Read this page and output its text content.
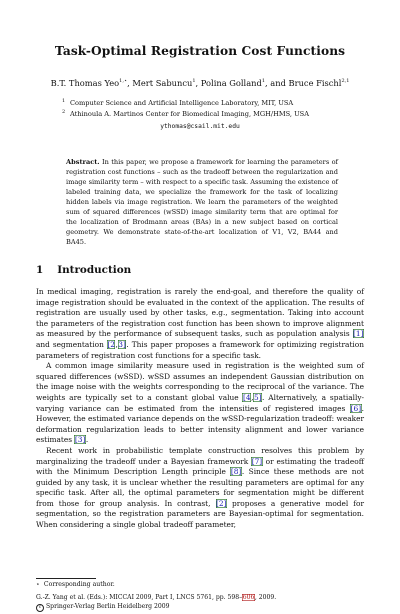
Task-Optimal Registration Cost Functions
B.T. Thomas Yeo$^{1,⋆}$, Mert Sabuncu$^1$, Polina Golland$^1$, and Bruce Fischl$^{2,1}$
1 Computer Science and Artificial Intelligence Laboratory, MIT, USA
2 Athinoula A. Martinos Center for Biomedical Imaging, MGH/HMS, USA
ythomas@csail.mit.edu
Abstract. In this paper, we propose a framework for learning the parameters of registration cost functions – such as the tradeoff between the regularization and image similarity term – with respect to a specific task. Assuming the existence of labeled training data, we specialize the framework for the task of localizing hidden labels via image registration. We learn the parameters of the weighted sum of squared differences (wSSD) image similarity term that are optimal for the localization of Brodmann areas (BAs) in a new subject based on cortical geometry. We demonstrate state-of-the-art localization of V1, V2, BA44 and BA45.
1 Introduction

In medical imaging, registration is rarely the end-goal, and therefore the quality of image registration should be evaluated in the context of the application. The results of registration are usually used by other tasks, e.g., segmentation. Taking into account the parameters of the registration cost function has been shown to improve alignment as measured by the performance of subsequent tasks, such as population analysis [1] and segmentation [2,3]. This paper proposes a framework for optimizing registration parameters of registration cost functions for a specific task.

A common image similarity measure used in registration is the weighted sum of squared differences (wSSD). wSSD assumes an independent Gaussian distribution on the image noise with the weights corresponding to the reciprocal of the variance. The weights are typically set to a constant global value [4,5]. Alternatively, a spatially-varying variance can be estimated from the intensities of registered images [6]. However, the estimated variance depends on the wSSD-regularization tradeoff: weaker deformation regularization leads to better intensity alignment and lower variance estimates [3].

Recent work in probabilistic template construction resolves this problem by marginalizing the tradeoff under a Bayesian framework [7] or estimating the tradeoff with the Minimum Description Length principle [8]. Since these methods are not guided by any task, it is unclear whether the resulting parameters are optimal for any specific task. After all, the optimal parameters for segmentation might be different from those for group analysis. In contrast, [2] proposes a generative model for segmentation, so the registration parameters are Bayesian-optimal for segmentation. When considering a single global tradeoff parameter,

⋆ Corresponding author.
G.-Z. Yang et al. (Eds.): MICCAI 2009, Part I, LNCS 5761, pp. 598–606, 2009.
c Springer-Verlag Berlin Heidelberg 2009
